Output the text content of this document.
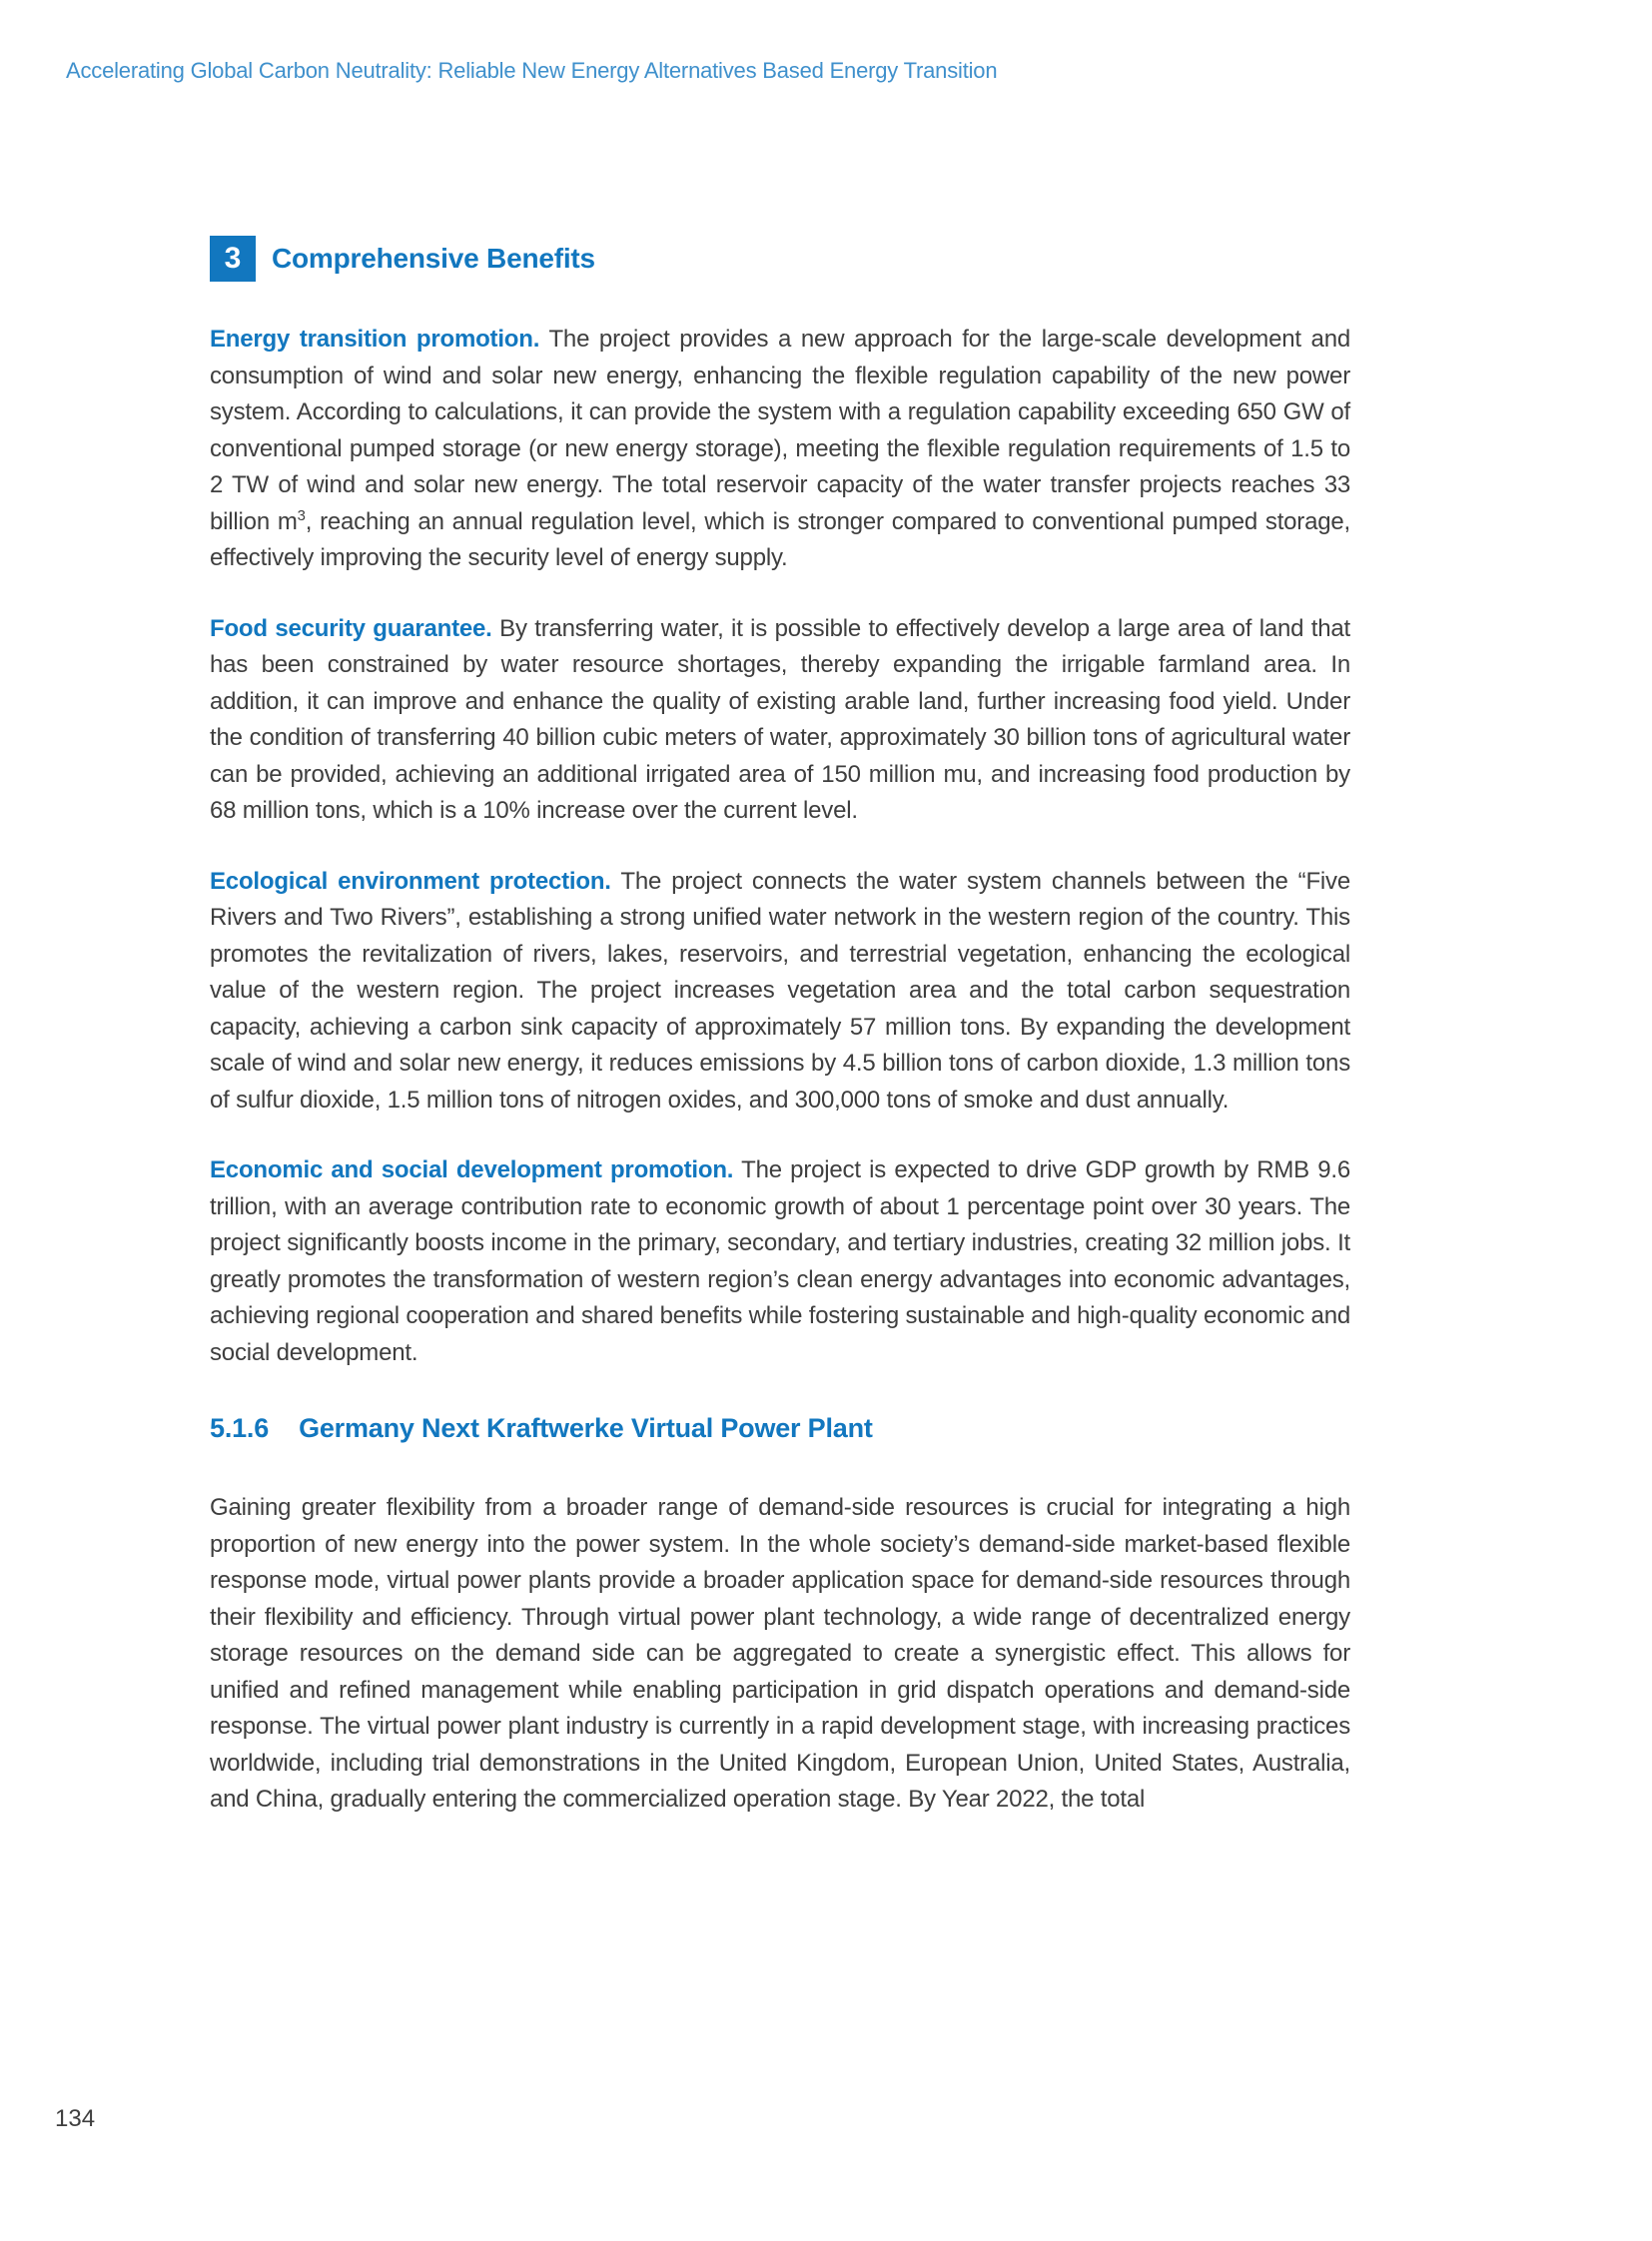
Accelerating Global Carbon Neutrality: Reliable New Energy Alternatives Based Energy Transition
3	Comprehensive Benefits

Energy transition promotion. The project provides a new approach for the large-scale development and consumption of wind and solar new energy, enhancing the flexible regulation capability of the new power system. According to calculations, it can provide the system with a regulation capability exceeding 650 GW of conventional pumped storage (or new energy storage), meeting the flexible regulation requirements of 1.5 to 2 TW of wind and solar new energy. The total reservoir capacity of the water transfer projects reaches 33 billion $m^3$, reaching an annual regulation level, which is stronger compared to conventional pumped storage, effectively improving the security level of energy supply.

Food security guarantee. By transferring water, it is possible to effectively develop a large area of land that has been constrained by water resource shortages, thereby expanding the irrigable farmland area. In addition, it can improve and enhance the quality of existing arable land, further increasing food yield. Under the condition of transferring 40 billion cubic meters of water, approximately 30 billion tons of agricultural water can be provided, achieving an additional irrigated area of 150 million mu, and increasing food production by 68 million tons, which is a 10% increase over the current level.

Ecological environment protection. The project connects the water system channels between the “Five Rivers and Two Rivers”, establishing a strong unified water network in the western region of the country. This promotes the revitalization of rivers, lakes, reservoirs, and terrestrial vegetation, enhancing the ecological value of the western region. The project increases vegetation area and the total carbon sequestration capacity, achieving a carbon sink capacity of approximately 57 million tons. By expanding the development scale of wind and solar new energy, it reduces emissions by 4.5 billion tons of carbon dioxide, 1.3 million tons of sulfur dioxide, 1.5 million tons of nitrogen oxides, and 300,000 tons of smoke and dust annually.

Economic and social development promotion. The project is expected to drive GDP growth by RMB 9.6 trillion, with an average contribution rate to economic growth of about 1 percentage point over 30 years. The project significantly boosts income in the primary, secondary, and tertiary industries, creating 32 million jobs. It greatly promotes the transformation of western region’s clean energy advantages into economic advantages, achieving regional cooperation and shared benefits while fostering sustainable and high-quality economic and social development.

5.1.6 Germany Next Kraftwerke Virtual Power Plant

Gaining greater flexibility from a broader range of demand-side resources is crucial for integrating a high proportion of new energy into the power system. In the whole society’s demand-side market-based flexible response mode, virtual power plants provide a broader application space for demand-side resources through their flexibility and efficiency. Through virtual power plant technology, a wide range of decentralized energy storage resources on the demand side can be aggregated to create a synergistic effect. This allows for unified and refined management while enabling participation in grid dispatch operations and demand-side response. The virtual power plant industry is currently in a rapid development stage, with increasing practices worldwide, including trial demonstrations in the United Kingdom, European Union, United States, Australia, and China, gradually entering the commercialized operation stage. By Year 2022, the total

134
